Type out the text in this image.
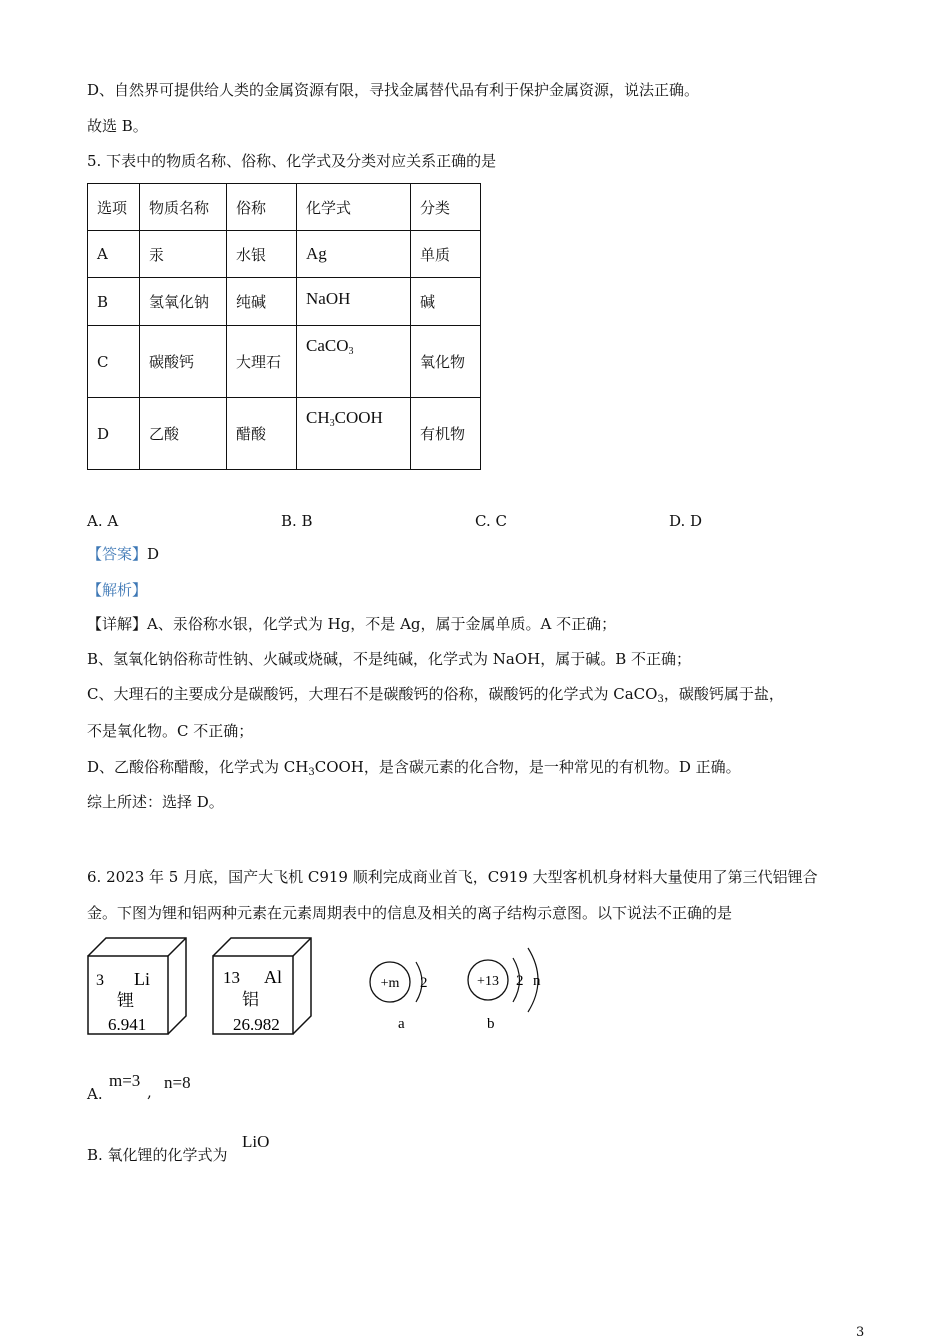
D、自然界可提供给人类的金属资源有限，寻找金属替代品有利于保护金属资源，说法正确。
故选 B。
5. 下表中的物质名称、俗称、化学式及分类对应关系正确的是
选项	物质名称	俗称	化学式	分类
A	汞	水银	Ag	单质
B	氢氧化钠	纯碱	NaOH	碱
C	碳酸钙	大理石	CaCO$_3$	氧化物
D	乙酸	醋酸	$CH_3COOH$	有机物
A. A	B. B	C. C	D. D
【答案】D
【解析】
【详解】A、汞俗称水银，化学式为 Hg，不是 Ag，属于金属单质。A 不正确；
B、氢氧化钠俗称苛性钠、火碱或烧碱，不是纯碱，化学式为 NaOH，属于碱。B 不正确；
C、大理石的主要成分是碳酸钙，大理石不是碳酸钙的俗称，碳酸钙的化学式为 CaCO$_3$，碳酸钙属于盐，
不是氧化物。C 不正确；
D、乙酸俗称醋酸，化学式为 $CH_3COOH$，是含碳元素的化合物，是一种常见的有机物。D 正确。
综上所述：选择 D。
6. 2023 年 5 月底，国产大飞机 C919 顺利完成商业首飞，C919 大型客机机身材料大量使用了第三代铝锂合
金。下图为锂和铝两种元素在元素周期表中的信息及相关的离子结构示意图。以下说法不正确的是
3 Li
锂
6.941
13 Al
铝
26.982
+m 2
a
+13 2 n
b
A.
m=3
, n=8
B. 氧化锂的化学式为
LiO
3
